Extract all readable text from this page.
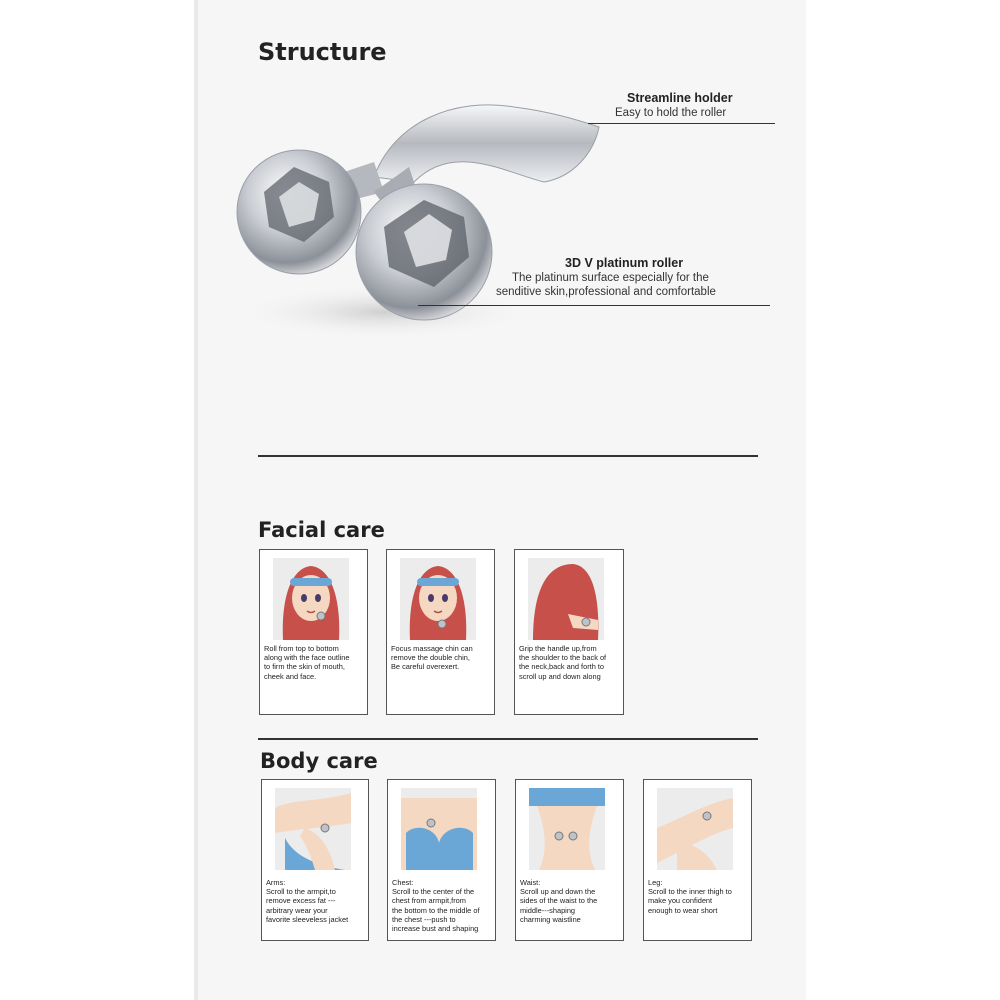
Structure
Streamline holder
Easy to hold the roller
3D V platinum roller
The platinum surface especially for the
senditive skin,professional and comfortable
Facial care
Roll from top to bottom
along with the face outline
to firm the skin of mouth,
cheek and face.
Focus massage chin can
remove the double chin,
Be careful overexert.
Grip the handle up,from
the shoulder to the back of
the neck,back and forth to
scroll up and down along
Body care
Arms:
Scroll to the armpit,to
remove excess fat ---
arbitrary wear your
favorite sleeveless jacket
Chest:
Scroll to the center of the
chest from armpit,from
the bottom to the middle of
the chest ---push to
increase bust and shaping
Waist:
Scroll up and down the
sides of the waist to the
middle---shaping
charming waistline
Leg:
Scroll to the inner thigh to
make you confident
enough to wear short
